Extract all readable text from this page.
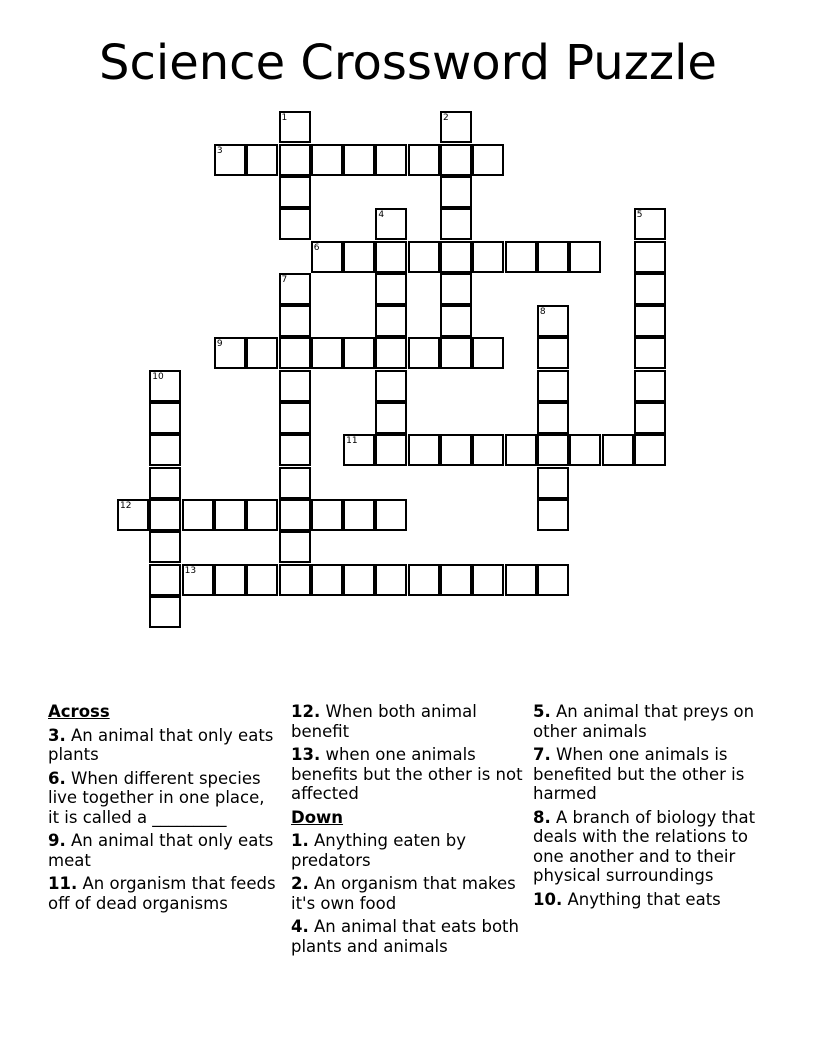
Science Crossword Puzzle
1	2
3
4	5
6
7
8
9
10
11
12
13
Across
3. An animal that only eats plants
6. When different species live together in one place, it is called a _________
9. An animal that only eats meat
11. An organism that feeds off of dead organisms
12. When both animal benefit
13. when one animals benefits but the other is not affected
Down
1. Anything eaten by predators
2. An organism that makes it's own food
4. An animal that eats both plants and animals
5. An animal that preys on other animals
7. When one animals is benefited but the other is harmed
8. A branch of biology that deals with the relations to one another and to their physical surroundings
10. Anything that eats
